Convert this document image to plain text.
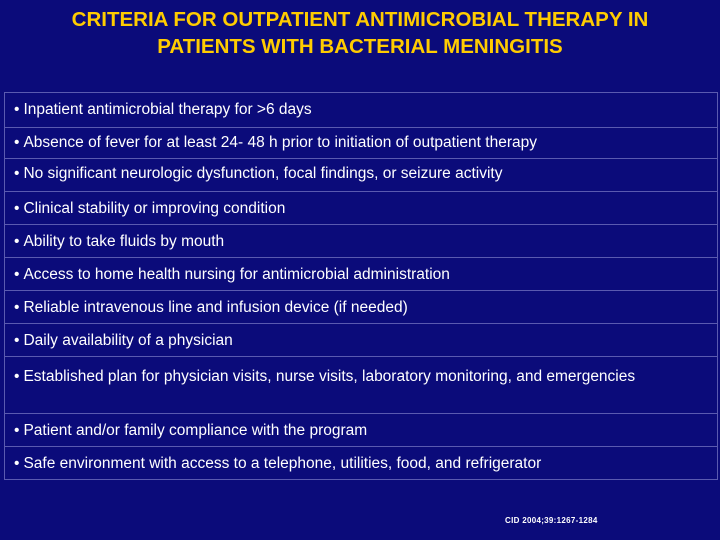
CRITERIA FOR OUTPATIENT ANTIMICROBIAL THERAPY IN
PATIENTS WITH BACTERIAL MENINGITIS
• Inpatient antimicrobial therapy for >6 days
• Absence of fever for at least 24- 48 h prior to initiation of outpatient therapy
• No significant neurologic dysfunction, focal findings, or seizure activity
• Clinical stability or improving condition
• Ability to take fluids by mouth
• Access to home health nursing for antimicrobial administration
• Reliable intravenous line and infusion device (if needed)
• Daily availability of a physician
• Established plan for physician visits, nurse visits, laboratory monitoring, and emergencies
• Patient and/or family compliance with the program
• Safe environment with access to a telephone, utilities, food, and refrigerator
CID 2004;39:1267-1284
